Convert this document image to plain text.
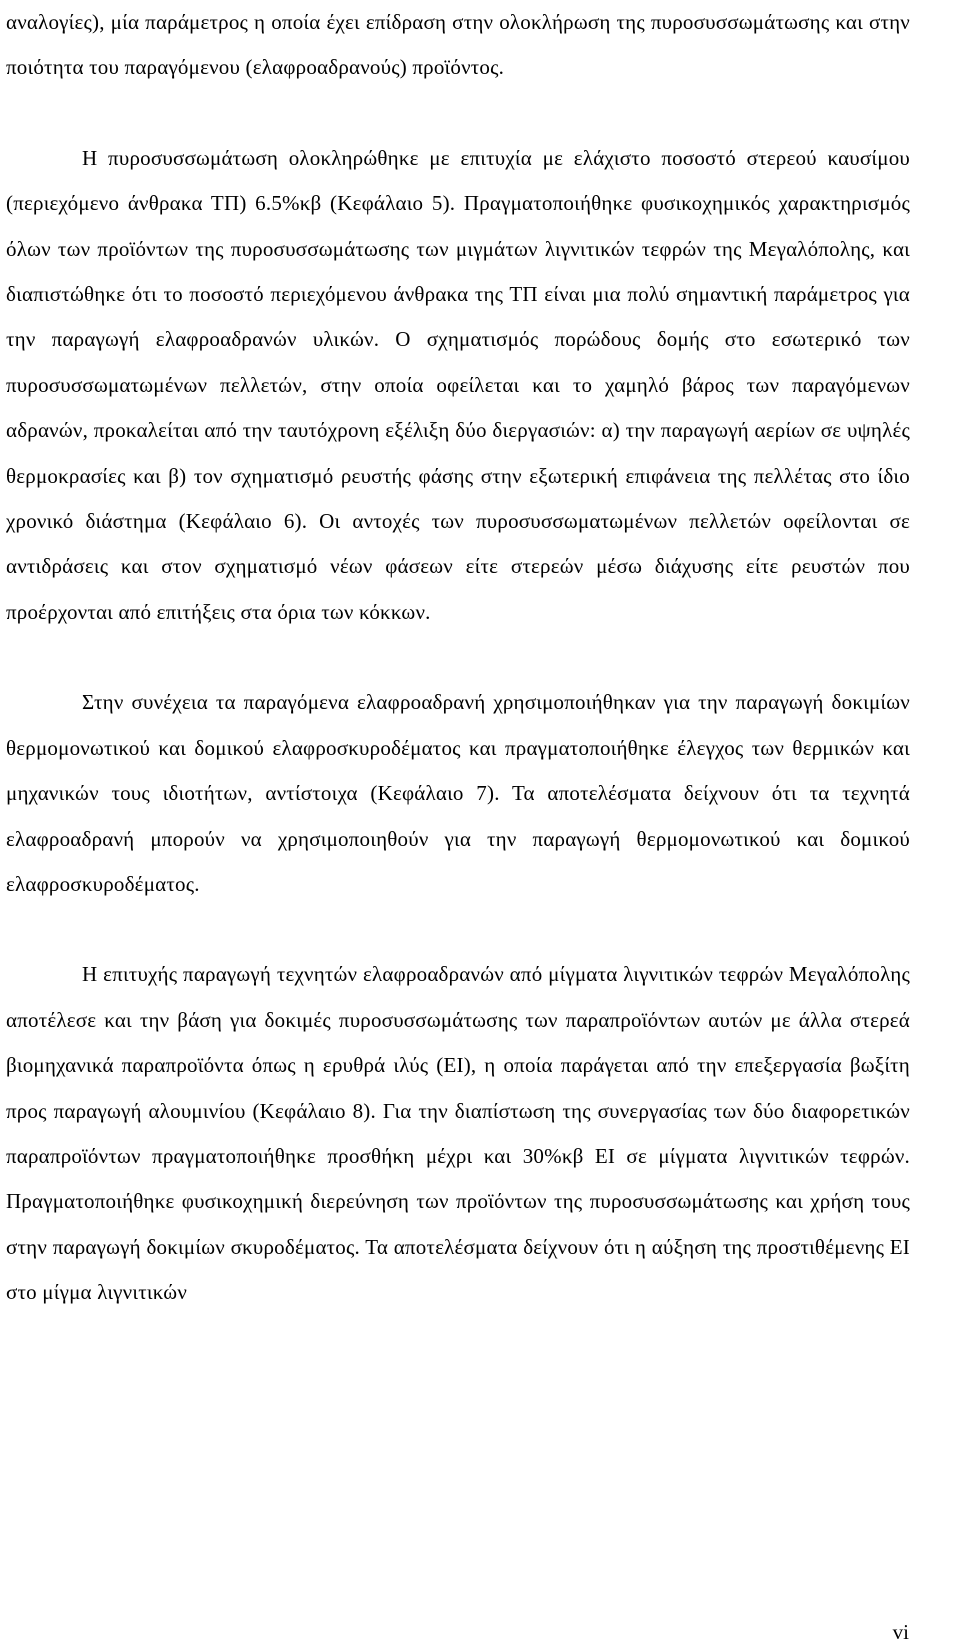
αναλογίες), μία παράμετρος η οποία έχει επίδραση στην ολοκλήρωση της πυροσυσσωμάτωσης και στην ποιότητα του παραγόμενου (ελαφροαδρανούς) προϊόντος.

Η πυροσυσσωμάτωση ολοκληρώθηκε με επιτυχία με ελάχιστο ποσοστό στερεού καυσίμου (περιεχόμενο άνθρακα ΤΠ) 6.5%κβ (Κεφάλαιο 5). Πραγματοποιήθηκε φυσικοχημικός χαρακτηρισμός όλων των προϊόντων της πυροσυσσωμάτωσης των μιγμάτων λιγνιτικών τεφρών της Μεγαλόπολης, και διαπιστώθηκε ότι το ποσοστό περιεχόμενου άνθρακα της ΤΠ είναι μια πολύ σημαντική παράμετρος για την παραγωγή ελαφροαδρανών υλικών. Ο σχηματισμός πορώδους δομής στο εσωτερικό των πυροσυσσωματωμένων πελλετών, στην οποία οφείλεται και το χαμηλό βάρος των παραγόμενων αδρανών, προκαλείται από την ταυτόχρονη εξέλιξη δύο διεργασιών: α) την παραγωγή αερίων σε υψηλές θερμοκρασίες και β) τον σχηματισμό ρευστής φάσης στην εξωτερική επιφάνεια της πελλέτας στο ίδιο χρονικό διάστημα (Κεφάλαιο 6). Οι αντοχές των πυροσυσσωματωμένων πελλετών οφείλονται σε αντιδράσεις και στον σχηματισμό νέων φάσεων είτε στερεών μέσω διάχυσης είτε ρευστών που προέρχονται από επιτήξεις στα όρια των κόκκων.

Στην συνέχεια τα παραγόμενα ελαφροαδρανή χρησιμοποιήθηκαν για την παραγωγή δοκιμίων θερμομονωτικού και δομικού ελαφροσκυροδέματος και πραγματοποιήθηκε έλεγχος των θερμικών και μηχανικών τους ιδιοτήτων, αντίστοιχα (Κεφάλαιο 7). Τα αποτελέσματα δείχνουν ότι τα τεχνητά ελαφροαδρανή μπορούν να χρησιμοποιηθούν για την παραγωγή θερμομονωτικού και δομικού ελαφροσκυροδέματος.

Η επιτυχής παραγωγή τεχνητών ελαφροαδρανών από μίγματα λιγνιτικών τεφρών Μεγαλόπολης αποτέλεσε και την βάση για δοκιμές πυροσυσσωμάτωσης των παραπροϊόντων αυτών με άλλα στερεά βιομηχανικά παραπροϊόντα όπως η ερυθρά ιλύς (ΕΙ), η οποία παράγεται από την επεξεργασία βωξίτη προς παραγωγή αλουμινίου (Κεφάλαιο 8). Για την διαπίστωση της συνεργασίας των δύο διαφορετικών παραπροϊόντων πραγματοποιήθηκε προσθήκη μέχρι και 30%κβ ΕΙ σε μίγματα λιγνιτικών τεφρών. Πραγματοποιήθηκε φυσικοχημική διερεύνηση των προϊόντων της πυροσυσσωμάτωσης και χρήση τους στην παραγωγή δοκιμίων σκυροδέματος. Τα αποτελέσματα δείχνουν ότι η αύξηση της προστιθέμενης ΕΙ στο μίγμα λιγνιτικών

vi
